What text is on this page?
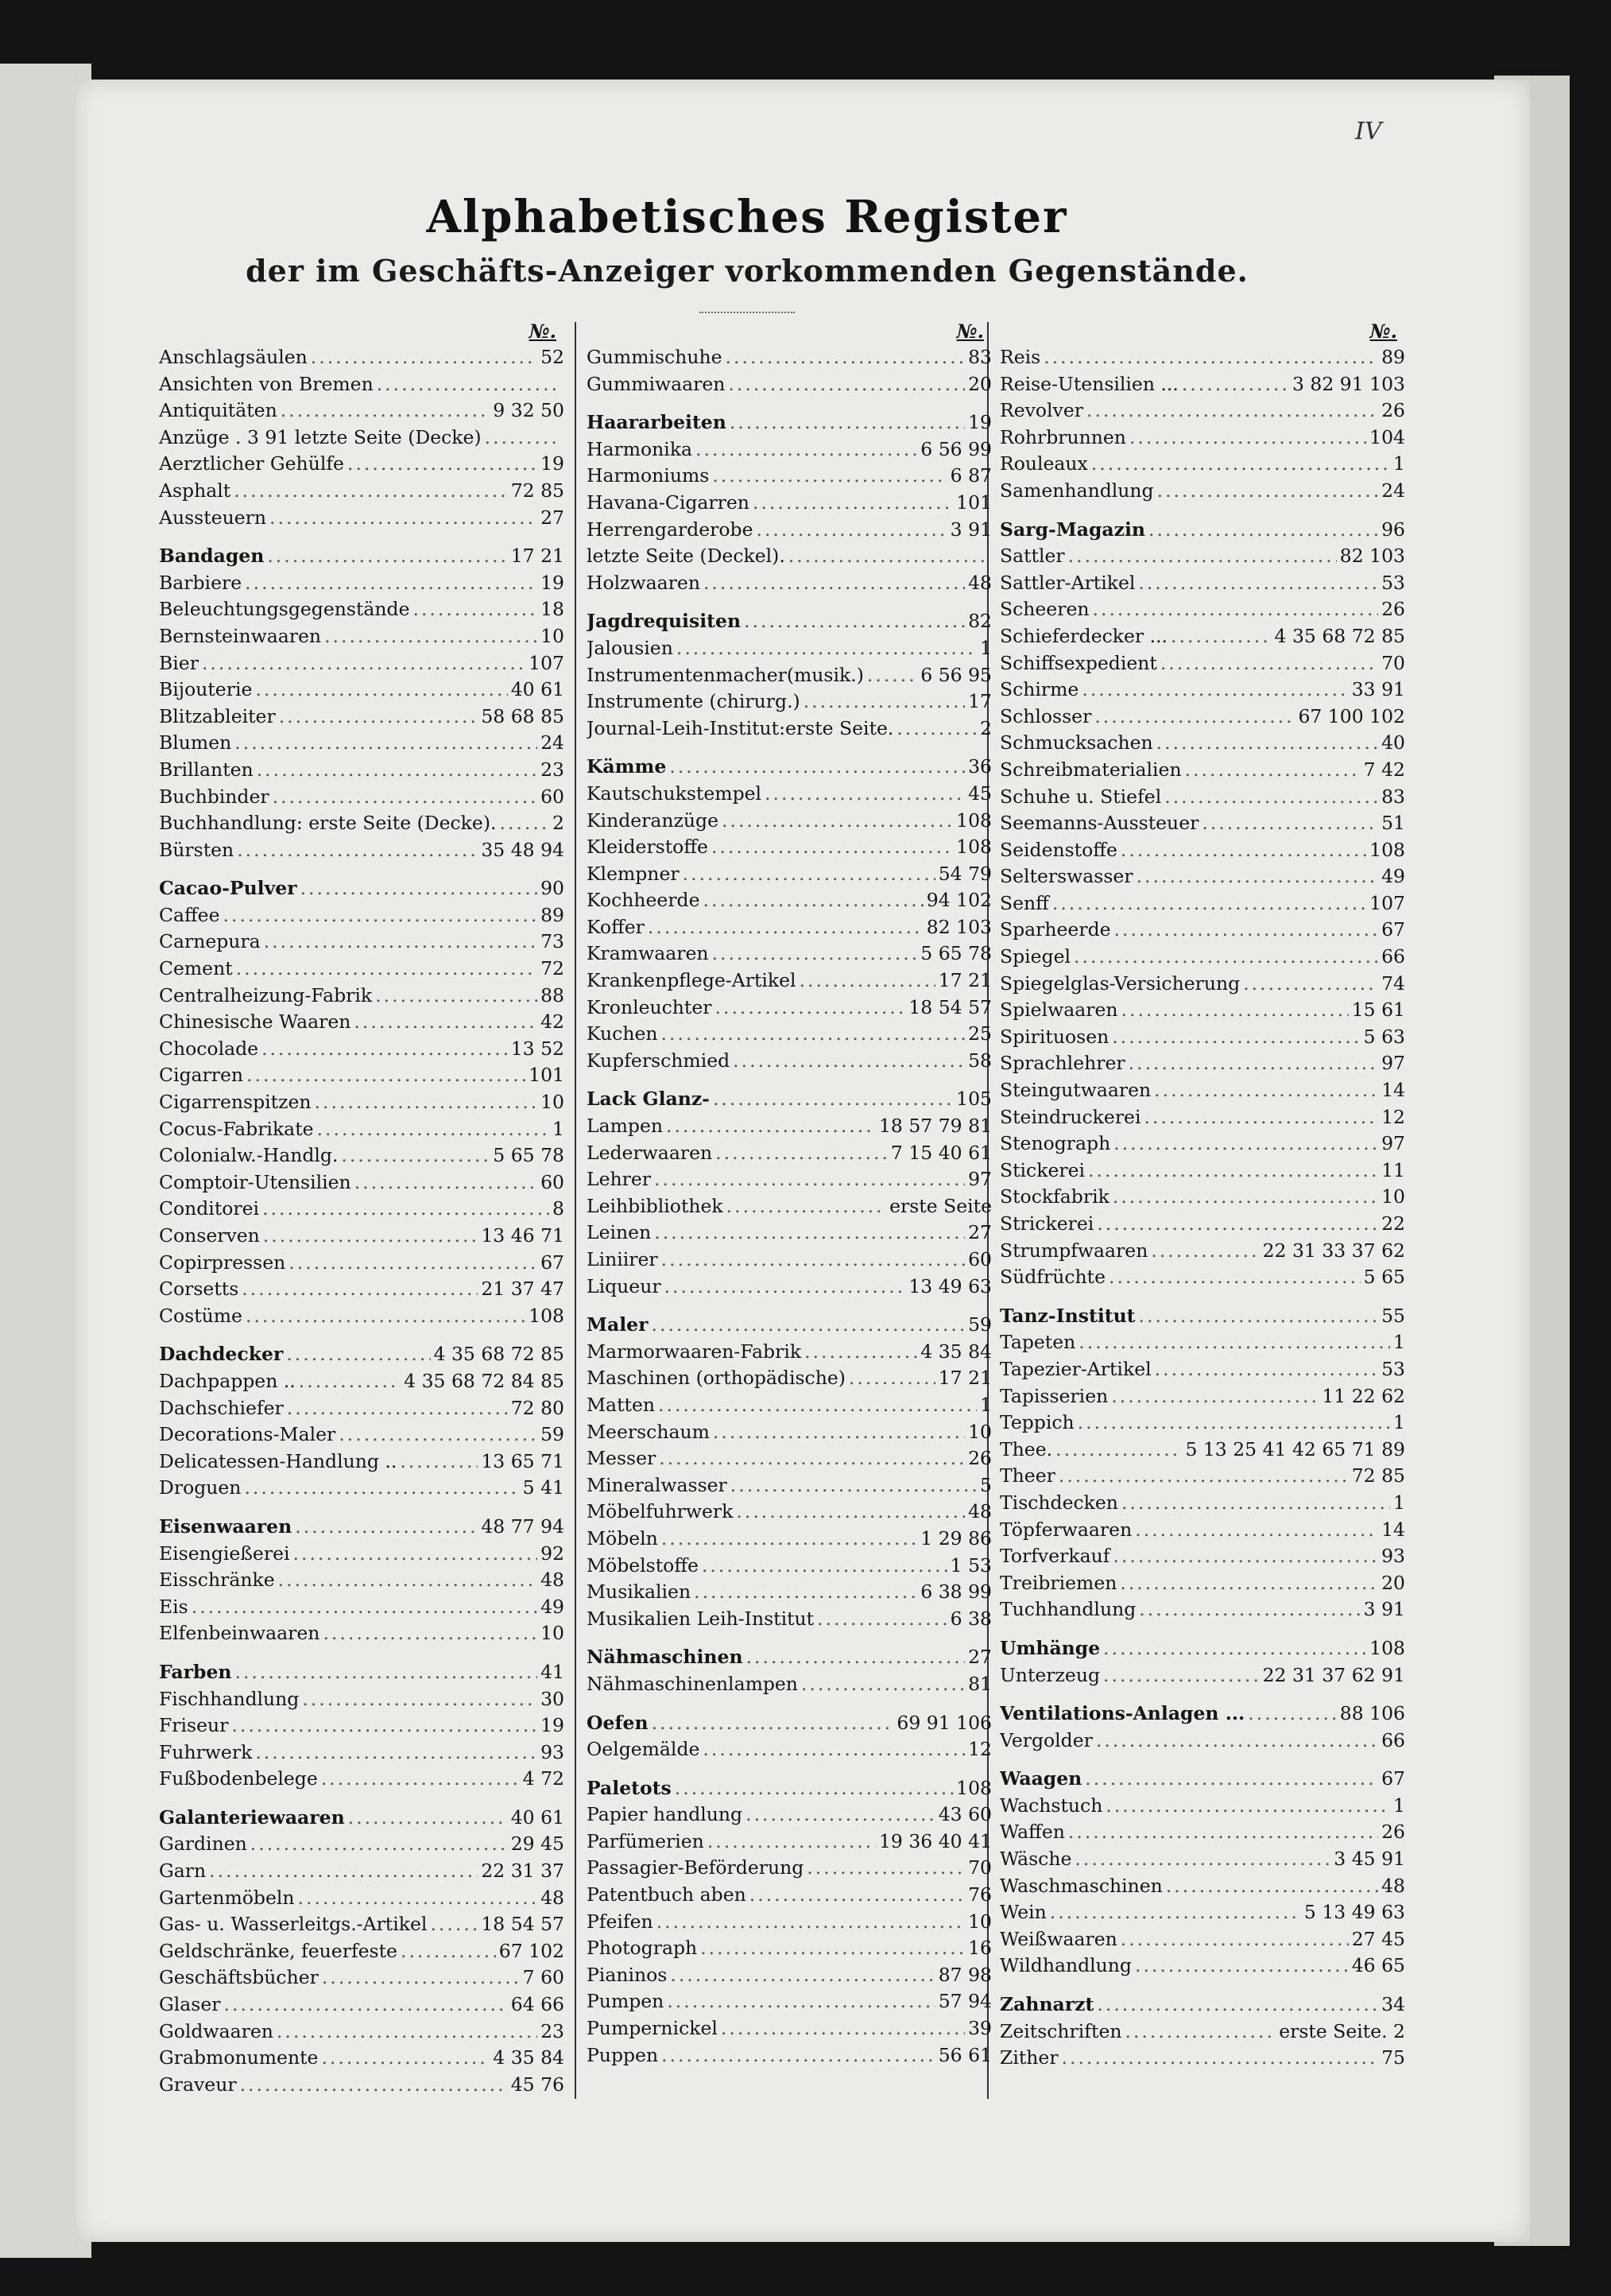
IV
Alphabetisches Register
der im Geschäfts-Anzeiger vorkommenden Gegenstände.
№.
Anschlagsäulen .....	52
Ansichten von Bremen
.....
Antiquitäten .....	9 32 50
Anzüge . 3 91 letzte Seite (Decke)
.....
Aerztlicher Gehülfe .....	19
Asphalt .....	72 85
Aussteuern .....	27
Bandagen .....	17 21
Barbiere .....	19
Beleuchtungsgegenstände .....	18
Bernsteinwaaren .....	10
Bier .....	107
Bijouterie .....	40 61
Blitzableiter .....	58 68 85
Blumen .....	24
Brillanten .....	23
Buchbinder .....	60
Buchhandlung: erste Seite (Decke). .....	2
Bürsten .....	35 48 94
Cacao-Pulver .....	90
Caffee .....	89
Carnepura .....	73
Cement .....	72
Centralheizung-Fabrik .....	88
Chinesische Waaren .....	42
Chocolade .....	13 52
Cigarren .....	101
Cigarrenspitzen .....	10
Cocus-Fabrikate .....	1
Colonialw.-Handlg. .....	5 65 78
Comptoir-Utensilien .....	60
Conditorei .....	8
Conserven .....	13 46 71
Copirpressen .....	67
Corsetts .....	21 37 47
Costüme .....	108
Dachdecker .....	4 35 68 72 85
Dachpappen .. .....	4 35 68 72 84 85
Dachschiefer .....	72 80
Decorations-Maler .....	59
Delicatessen-Handlung .. .....	13 65 71
Droguen .....	5 41
Eisenwaaren .....	48 77 94
Eisengießerei .....	92
Eisschränke .....	48
Eis .....	49
Elfenbeinwaaren .....	10
Farben .....	41
Fischhandlung .....	30
Friseur .....	19
Fuhrwerk .....	93
Fußbodenbelege .....	4 72
Galanteriewaaren .....	40 61
Gardinen .....	29 45
Garn .....	22 31 37
Gartenmöbeln .....	48
Gas- u. Wasserleitgs.-Artikel .....	18 54 57
Geldschränke, feuerfeste .....	67 102
Geschäftsbücher .....	7 60
Glaser .....	64 66
Goldwaaren .....	23
Grabmonumente .....	4 35 84
Graveur .....	45 76
№.
Gummischuhe .....	83
Gummiwaaren .....	20
Haararbeiten .....	19
Harmonika .....	6 56 99
Harmoniums .....	6 87
Havana-Cigarren .....	101
Herrengarderobe .....	3 91
letzte Seite (Deckel).
.....
Holzwaaren .....	48
Jagdrequisiten .....	82
Jalousien .....	1
Instrumentenmacher(musik.) .....	6 56 95
Instrumente (chirurg.) .....	17
Journal-Leih-Institut:erste Seite. .....	2
Kämme .....	36
Kautschukstempel .....	45
Kinderanzüge .....	108
Kleiderstoffe .....	108
Klempner .....	54 79
Kochheerde .....	94 102
Koffer .....	82 103
Kramwaaren .....	5 65 78
Krankenpflege-Artikel .....	17 21
Kronleuchter .....	18 54 57
Kuchen .....	25
Kupferschmied .....	58
Lack Glanz- .....	105
Lampen .....	18 57 79 81
Lederwaaren .....	7 15 40 61
Lehrer .....	97
Leihbibliothek .....	erste Seite
Leinen .....	27
Liniirer .....	60
Liqueur .....	13 49 63
Maler .....	59
Marmorwaaren-Fabrik .....	4 35 84
Maschinen (orthopädische) .....	17 21
Matten .....	1
Meerschaum .....	10
Messer .....	26
Mineralwasser .....	5
Möbelfuhrwerk .....	48
Möbeln .....	1 29 86
Möbelstoffe .....	1 53
Musikalien .....	6 38 99
Musikalien Leih-Institut .....	6 38
Nähmaschinen .....	27
Nähmaschinenlampen .....	81
Oefen .....	69 91 106
Oelgemälde .....	12
Paletots .....	108
Papier handlung .....	43 60
Parfümerien .....	19 36 40 41
Passagier-Beförderung .....	70
Patentbuch aben .....	76
Pfeifen .....	10
Photograph .....	16
Pianinos .....	87 98
Pumpen .....	57 94
Pumpernickel .....	39
Puppen .....	56 61
№.
Reis .....	89
Reise-Utensilien ... .....	3 82 91 103
Revolver .....	26
Rohrbrunnen .....	104
Rouleaux .....	1
Samenhandlung .....	24
Sarg-Magazin .....	96
Sattler .....	82 103
Sattler-Artikel .....	53
Scheeren .....	26
Schieferdecker ... .....	4 35 68 72 85
Schiffsexpedient .....	70
Schirme .....	33 91
Schlosser .....	67 100 102
Schmucksachen .....	40
Schreibmaterialien .....	7 42
Schuhe u. Stiefel .....	83
Seemanns-Aussteuer .....	51
Seidenstoffe .....	108
Selterswasser .....	49
Senff .....	107
Sparheerde .....	67
Spiegel .....	66
Spiegelglas-Versicherung .....	74
Spielwaaren .....	15 61
Spirituosen .....	5 63
Sprachlehrer .....	97
Steingutwaaren .....	14
Steindruckerei .....	12
Stenograph .....	97
Stickerei .....	11
Stockfabrik .....	10
Strickerei .....	22
Strumpfwaaren .....	22 31 33 37 62
Südfrüchte .....	5 65
Tanz-Institut .....	55
Tapeten .....	1
Tapezier-Artikel .....	53
Tapisserien .....	11 22 62
Teppich .....	1
Thee. .....	5 13 25 41 42 65 71 89
Theer .....	72 85
Tischdecken .....	1
Töpferwaaren .....	14
Torfverkauf .....	93
Treibriemen .....	20
Tuchhandlung .....	3 91
Umhänge .....	108
Unterzeug .....	22 31 37 62 91
Ventilations-Anlagen ... .....	88 106
Vergolder .....	66
Waagen .....	67
Wachstuch .....	1
Waffen .....	26
Wäsche .....	3 45 91
Waschmaschinen .....	48
Wein .....	5 13 49 63
Weißwaaren .....	27 45
Wildhandlung .....	46 65
Zahnarzt .....	34
Zeitschriften .....	erste Seite. 2
Zither .....	75
